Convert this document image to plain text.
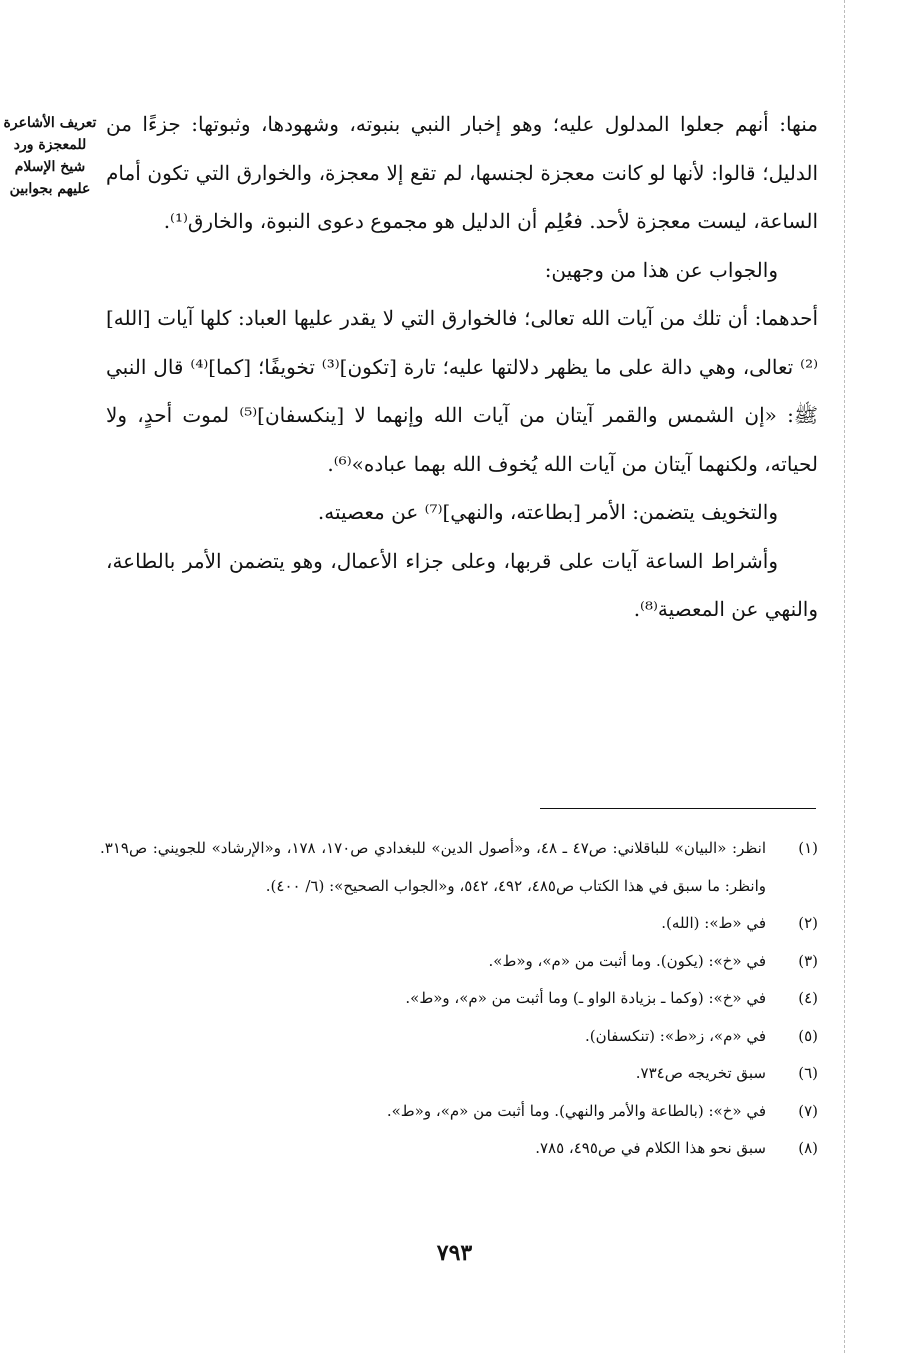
تعريف الأشاعرة للمعجزة ورد شيخ الإسلام عليهم بجوابين

منها: أنهم جعلوا المدلول عليه؛ وهو إخبار النبي بنبوته، وشهودها، وثبوتها: جزءًا من الدليل؛ قالوا: لأنها لو كانت معجزة لجنسها، لم تقع إلا معجزة، والخوارق التي تكون أمام الساعة، ليست معجزة لأحد. فعُلِم أن الدليل هو مجموع دعوى النبوة، والخارق⁽¹⁾.

والجواب عن هذا من وجهين:

أحدهما: أن تلك من آيات الله تعالى؛ فالخوارق التي لا يقدر عليها العباد: كلها آيات [الله]⁽²⁾ تعالى، وهي دالة على ما يظهر دلالتها عليه؛ تارة [تكون]⁽³⁾ تخويفًا؛ [كما]⁽⁴⁾ قال النبي ﷺ: «إن الشمس والقمر آيتان من آيات الله وإنهما لا [ينكسفان]⁽⁵⁾ لموت أحدٍ، ولا لحياته، ولكنهما آيتان من آيات الله يُخوف الله بهما عباده»⁽⁶⁾.

والتخويف يتضمن: الأمر [بطاعته، والنهي]⁽⁷⁾ عن معصيته.

وأشراط الساعة آيات على قربها، وعلى جزاء الأعمال، وهو يتضمن الأمر بالطاعة، والنهي عن المعصية⁽⁸⁾.

(١)
انظر: «البيان» للباقلاني: ص٤٧ ـ ٤٨، و«أصول الدين» للبغدادي ص١٧٠، ١٧٨، و«الإرشاد» للجويني: ص٣١٩. وانظر: ما سبق في هذا الكتاب ص٤٨٥، ٤٩٢، ٥٤٢، و«الجواب الصحيح»: (٦/ ٤٠٠).
(٢)
في «ط»: (الله).
(٣)
في «خ»: (يكون). وما أثبت من «م»، و«ط».
(٤)
في «خ»: (وكما ـ بزيادة الواو ـ) وما أثبت من «م»، و«ط».
(٥)
في «م»، ز«ط»: (تنكسفان).
(٦)
سبق تخريجه ص٧٣٤.
(٧)
في «خ»: (بالطاعة والأمر والنهي). وما أثبت من «م»، و«ط».
(٨)
سبق نحو هذا الكلام في ص٤٩٥، ٧٨٥.
٧٩٣
